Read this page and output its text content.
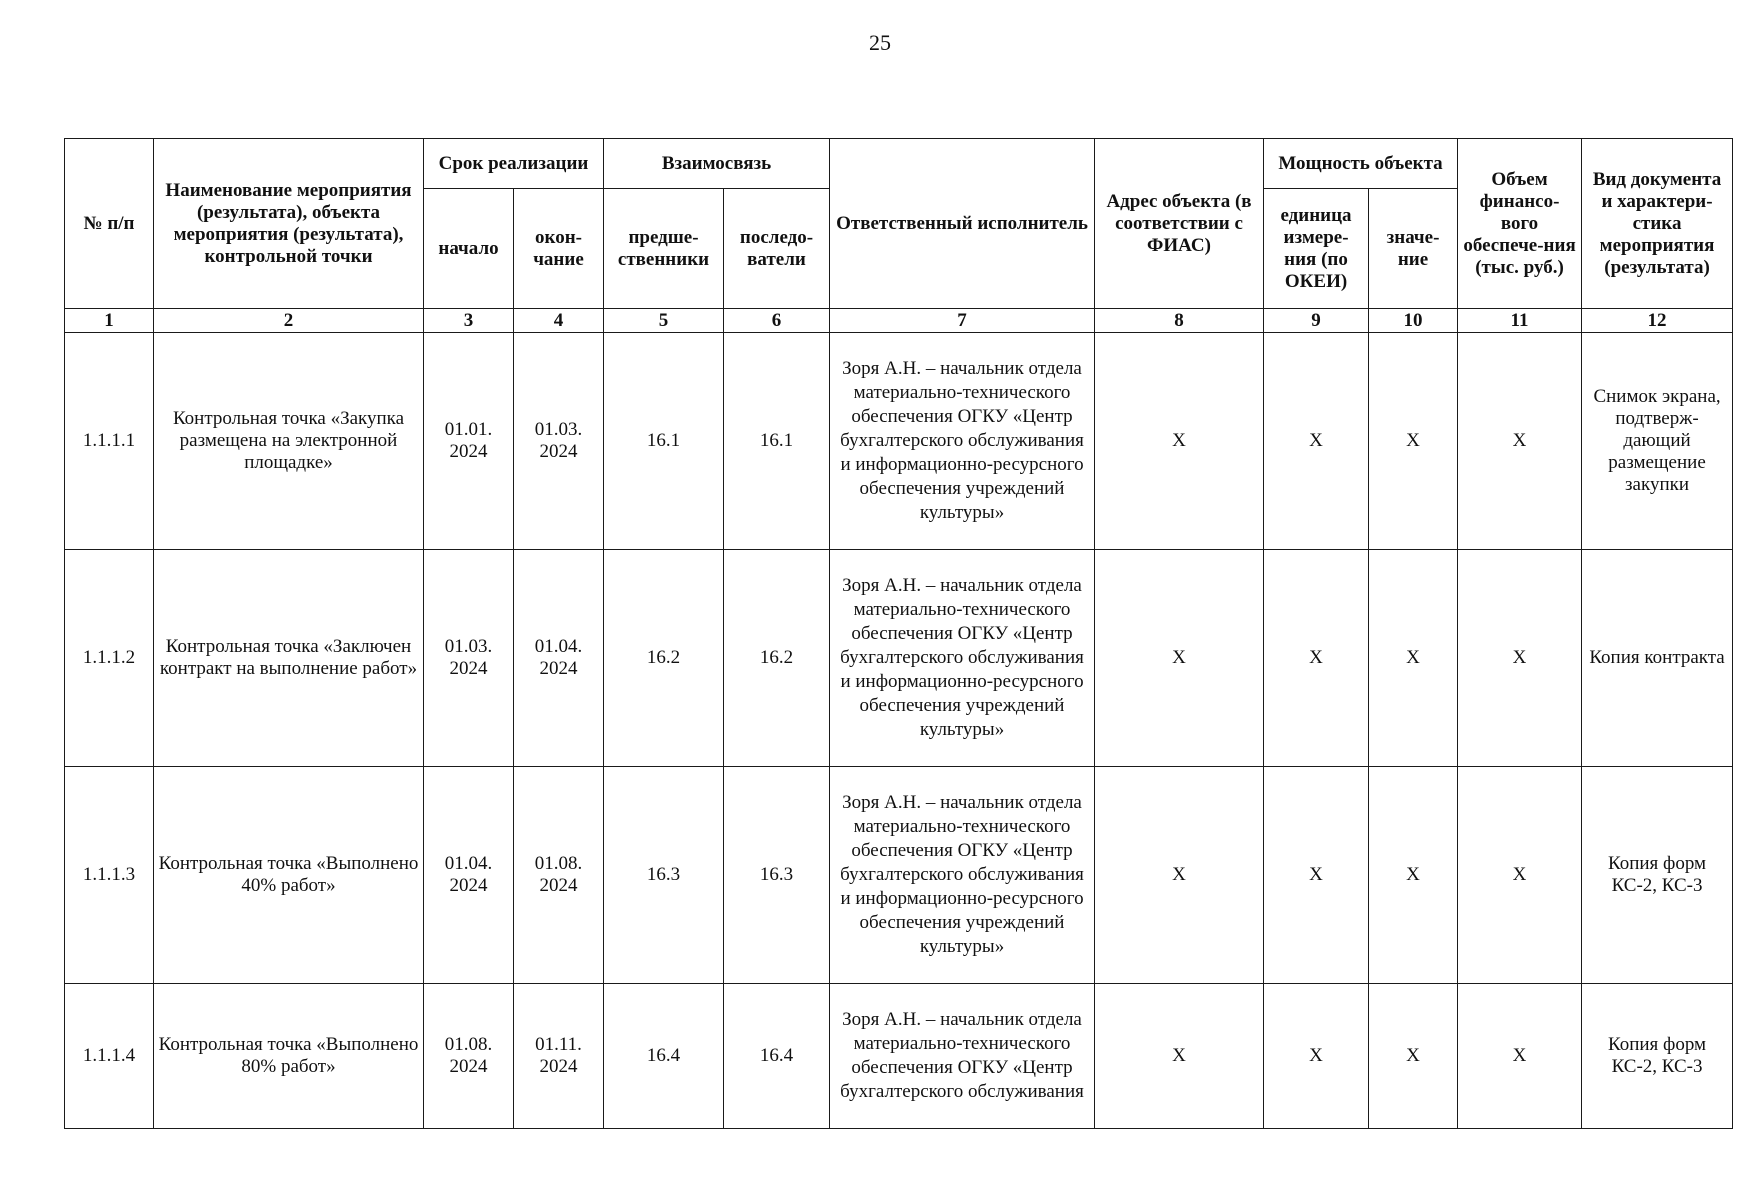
25
№ п/п	Наименование мероприятия (результата), объекта мероприятия (результата), контрольной точки	Срок реализации		Взаимосвязь		Ответственный исполнитель	Адрес объекта (в соответствии с ФИАС)	Мощность объекта		Объем финансо-вого обеспече-ния (тыс. руб.)	Вид документа и характери-стика мероприятия (результата)
		начало	окон-чание	предше-ственники	последо-ватели			единица измере-ния (по ОКЕИ)	значе-ние		
1	2	3	4	5	6	7	8	9	10	11	12
1.1.1.1	Контрольная точка «Закупка размещена на электронной площадке»	01.01. 2024	01.03. 2024	16.1	16.1	Зоря А.Н. – начальник отдела материально-технического обеспечения ОГКУ «Центр бухгалтерского обслуживания и информационно-ресурсного обеспечения учреждений культуры»	X	X	X	X	Снимок экрана, подтверж-дающий размещение закупки
1.1.1.2	Контрольная точка «Заключен контракт на выполнение работ»	01.03. 2024	01.04. 2024	16.2	16.2	Зоря А.Н. – начальник отдела материально-технического обеспечения ОГКУ «Центр бухгалтерского обслуживания и информационно-ресурсного обеспечения учреждений культуры»	X	X	X	X	Копия контракта
1.1.1.3	Контрольная точка «Выполнено 40% работ»	01.04. 2024	01.08. 2024	16.3	16.3	Зоря А.Н. – начальник отдела материально-технического обеспечения ОГКУ «Центр бухгалтерского обслуживания и информационно-ресурсного обеспечения учреждений культуры»	X	X	X	X	Копия форм КС-2, КС-3
1.1.1.4	Контрольная точка «Выполнено 80% работ»	01.08. 2024	01.11. 2024	16.4	16.4	Зоря А.Н. – начальник отдела материально-технического обеспечения ОГКУ «Центр бухгалтерского обслуживания	X	X	X	X	Копия форм КС-2, КС-3
